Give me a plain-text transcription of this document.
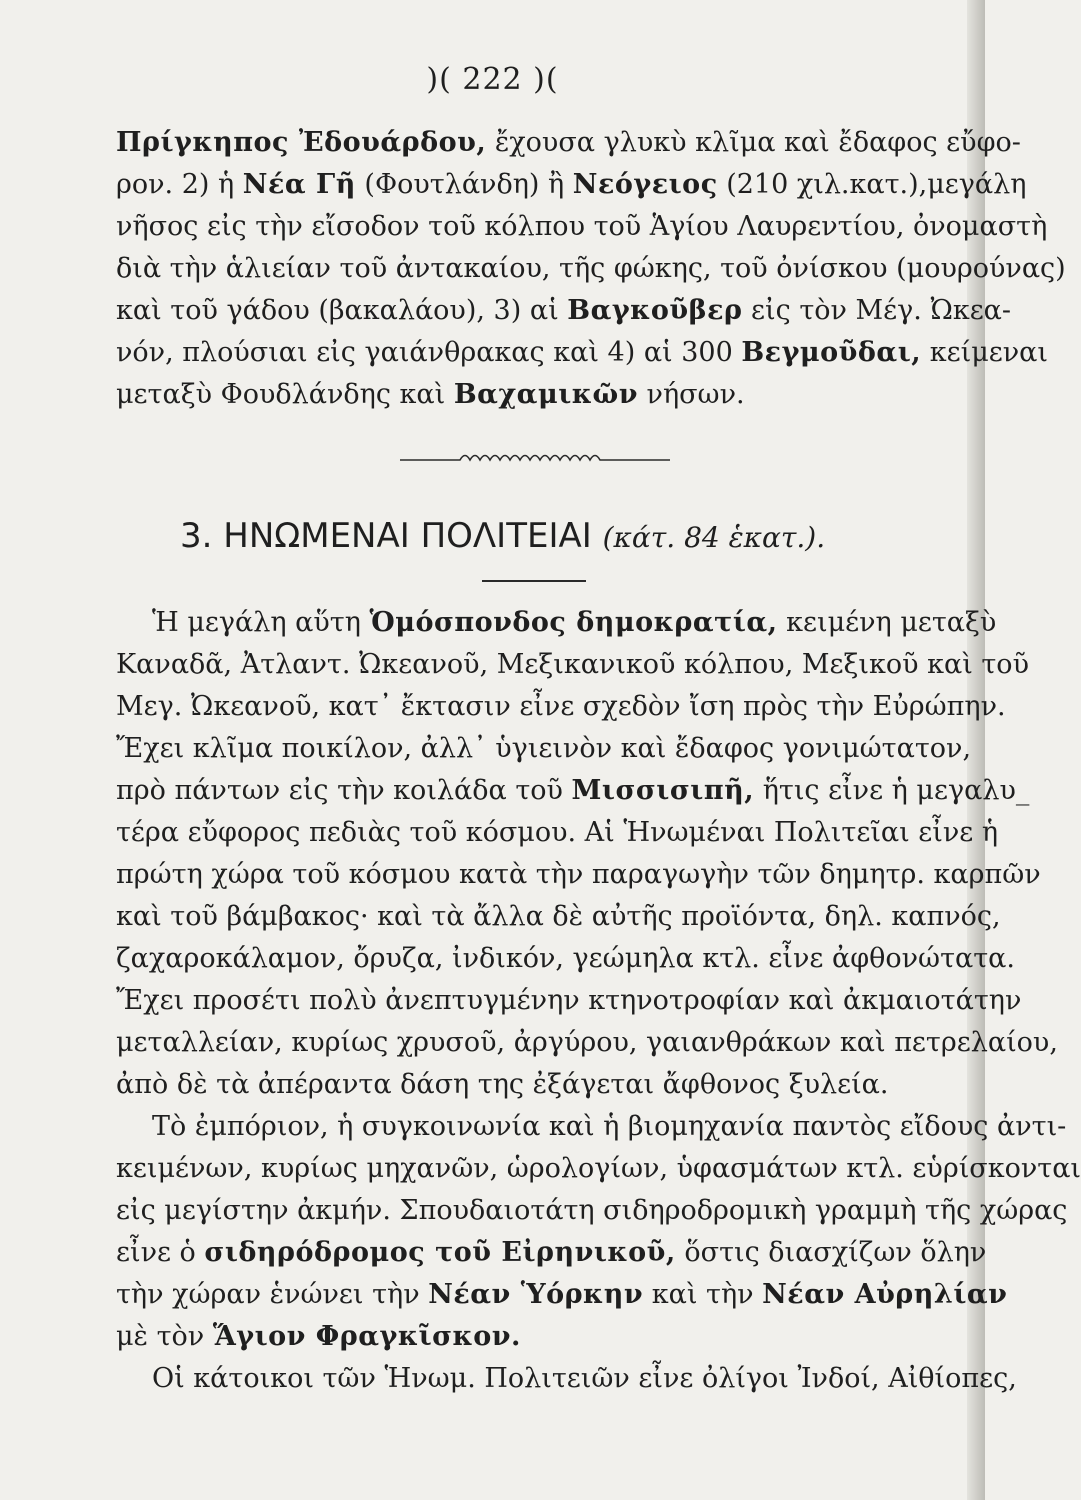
)( 222 )(
Πρίγκηπος Ἐδουάρδου, ἔχουσα γλυκὺ κλῖμα καὶ ἔδαφος εὔφο-
ρον. 2) ἡ Νέα Γῆ (Φουτλάνδη) ἢ Νεόγειος (210 χιλ.κατ.),μεγάλη
νῆσος εἰς τὴν εἴσοδον τοῦ κόλπου τοῦ Ἁγίου Λαυρεντίου, ὀνομαστὴ
διὰ τὴν ἁλιείαν τοῦ ἀντακαίου, τῆς φώκης, τοῦ ὀνίσκου (μουρούνας)
καὶ τοῦ γάδου (βακαλάου), 3) αἱ Βαγκοῦβερ εἰς τὸν Μέγ. Ὠκεα-
νόν, πλούσιαι εἰς γαιάνθρακας καὶ 4) αἱ 300 Βεγμοῦδαι, κείμεναι
μεταξὺ Φουδλάνδης καὶ Βαχαμικῶν νήσων.
3. ΗΝΩΜΕΝΑΙ ΠΟΛΙΤΕΙΑΙ (κάτ. 84 ἑκατ.).
Ἡ μεγάλη αὕτη Ὁμόσπονδος δημοκρατία, κειμένη μεταξὺ
Καναδᾶ, Ἀτλαντ. Ὠκεανοῦ, Μεξικανικοῦ κόλπου, Μεξικοῦ καὶ τοῦ
Μεγ. Ὠκεανοῦ, κατ᾽ ἔκτασιν εἶνε σχεδὸν ἴση πρὸς τὴν Εὐρώπην.
Ἔχει κλῖμα ποικίλον, ἀλλ᾽ ὑγιεινὸν καὶ ἔδαφος γονιμώτατον,
πρὸ πάντων εἰς τὴν κοιλάδα τοῦ Μισσισιπῆ, ἥτις εἶνε ἡ μεγαλυ_
τέρα εὔφορος πεδιὰς τοῦ κόσμου. Αἱ Ἡνωμέναι Πολιτεῖαι εἶνε ἡ
πρώτη χώρα τοῦ κόσμου κατὰ τὴν παραγωγὴν τῶν δημητρ. καρπῶν
καὶ τοῦ βάμβακος· καὶ τὰ ἄλλα δὲ αὐτῆς προϊόντα, δηλ. καπνός,
ζαχαροκάλαμον, ὄρυζα, ἰνδικόν, γεώμηλα κτλ. εἶνε ἀφθονώτατα.
Ἔχει προσέτι πολὺ ἀνεπτυγμένην κτηνοτροφίαν καὶ ἀκμαιοτάτην
μεταλλείαν, κυρίως χρυσοῦ, ἀργύρου, γαιανθράκων καὶ πετρελαίου,
ἀπὸ δὲ τὰ ἀπέραντα δάση της ἐξάγεται ἄφθονος ξυλεία.
Τὸ ἐμπόριον, ἡ συγκοινωνία καὶ ἡ βιομηχανία παντὸς εἴδους ἀντι-
κειμένων, κυρίως μηχανῶν, ὡρολογίων, ὑφασμάτων κτλ. εὑρίσκονται
εἰς μεγίστην ἀκμήν. Σπουδαιοτάτη σιδηροδρομικὴ γραμμὴ τῆς χώρας
εἶνε ὁ σιδηρόδρομος τοῦ Εἰρηνικοῦ, ὅστις διασχίζων ὅλην
τὴν χώραν ἑνώνει τὴν Νέαν Ὑόρκην καὶ τὴν Νέαν Αὐρηλίαν
μὲ τὸν Ἅγιον Φραγκῖσκον.
Οἱ κάτοικοι τῶν Ἡνωμ. Πολιτειῶν εἶνε ὀλίγοι Ἰνδοί, Αἰθίοπες,
